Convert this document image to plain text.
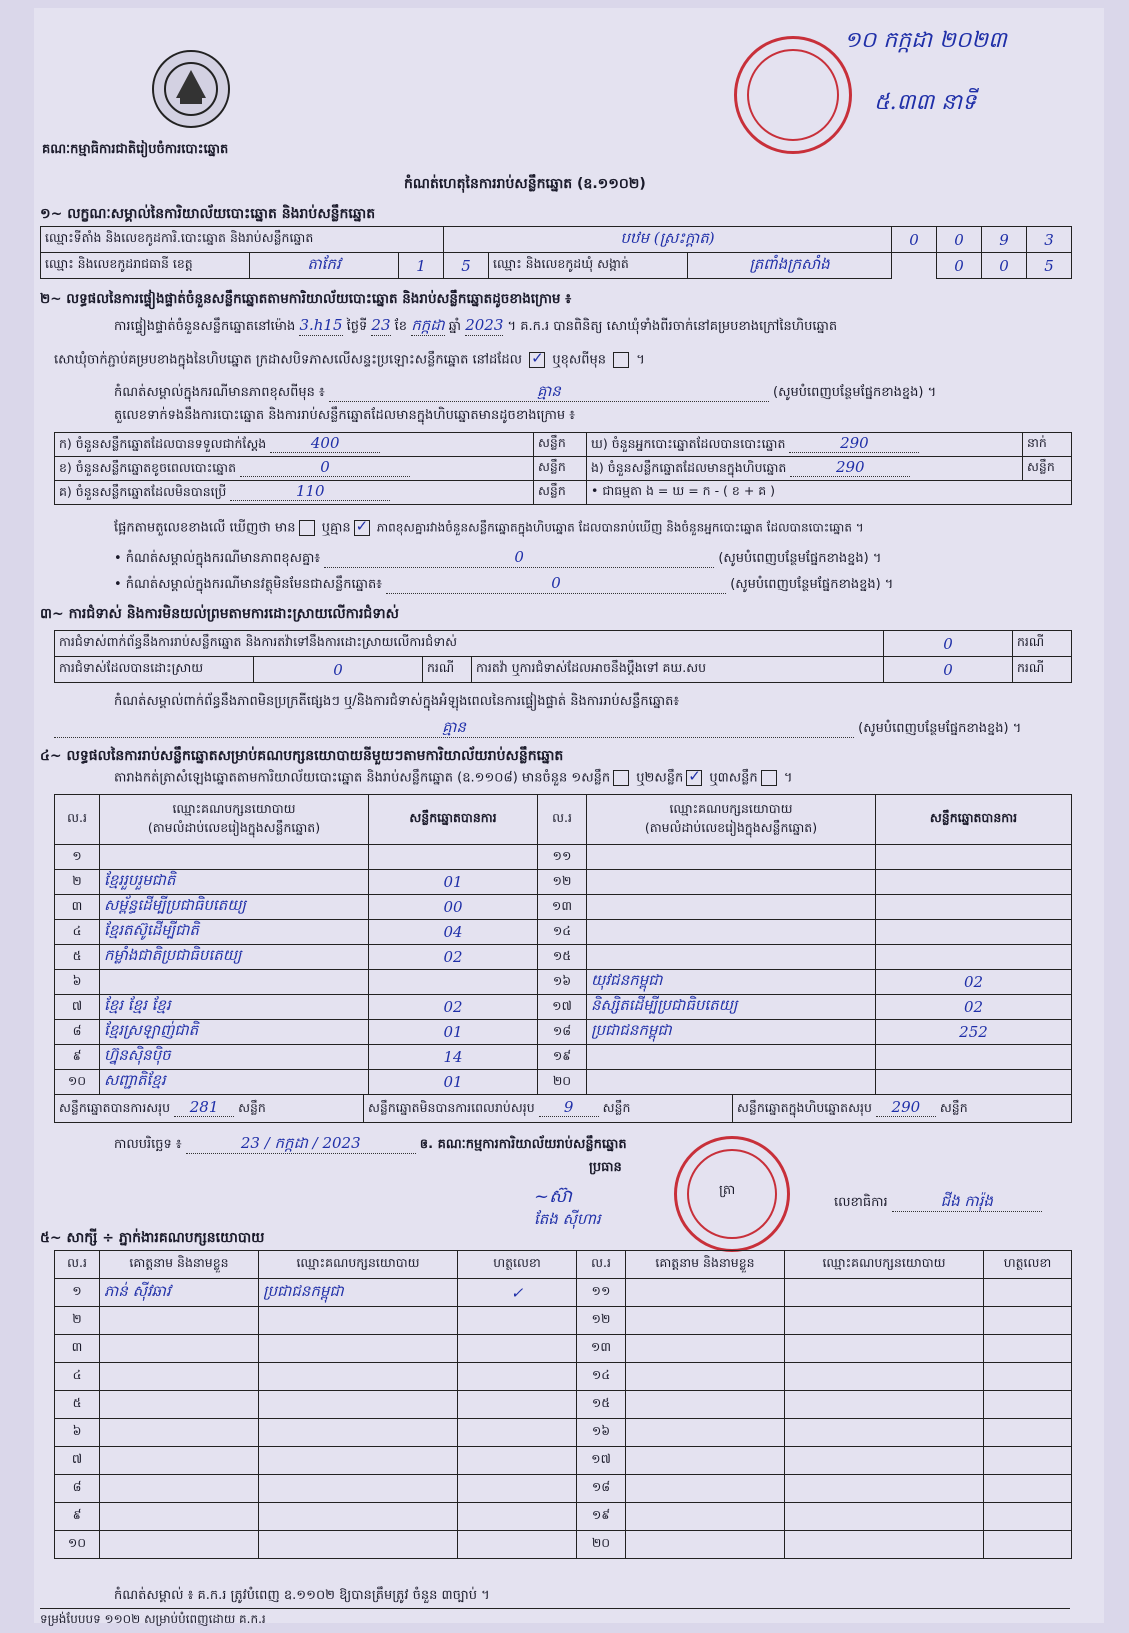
គណៈកម្មាធិការជាតិរៀបចំការបោះឆ្នោត
១០ កក្កដា ២០២៣
៥.៣៣ នាទី
កំណត់ហេតុនៃការរាប់សន្លឹកឆ្នោត (ឧ.១១០២)
១~ លក្ខណៈសម្គាល់នៃការិយាល័យបោះឆ្នោត និងរាប់សន្លឹកឆ្នោត
ឈ្មោះទីតាំង និងលេខកូដការិ.បោះឆ្នោត និងរាប់សន្លឹកឆ្នោត			បឋម (ស្រះក្តាត)			0	0	9	3
ឈ្មោះ និងលេខកូដរាជធានី ខេត្ត	តាកែវ	1	5	ឈ្មោះ និងលេខកូដឃុំ សង្កាត់	ត្រពាំងក្រសាំង		0	0	5
២~ លទ្ធផលនៃការផ្ទៀងផ្ទាត់ចំនួនសន្លឹកឆ្នោតតាមការិយាល័យបោះឆ្នោត និងរាប់សន្លឹកឆ្នោតដូចខាងក្រោម ៖
ការផ្ទៀងផ្ទាត់ចំនួនសន្លឹកឆ្នោតនៅម៉ោង 3.h15 ថ្ងៃទី 23 ខែ កក្កដា ឆ្នាំ 2023 ។ គ.ក.រ បានពិនិត្យ សោឃុំទាំងពីរចាក់នៅគម្របខាងក្រៅនៃហិបឆ្នោត
សោឃុំចាក់ភ្ជាប់គម្របខាងក្នុងនៃហិបឆ្នោត ក្រដាសបិទភាសលើសន្ទះប្រឡោះសន្លឹកឆ្នោត នៅដដែល ✓ ឬខុសពីមុន  ។
កំណត់សម្គាល់ក្នុងករណីមានភាពខុសពីមុន ៖	គ្មាន	(សូមបំពេញបន្ថែមផ្នែកខាងខ្នង) ។
តួលេខទាក់ទងនឹងការបោះឆ្នោត និងការរាប់សន្លឹកឆ្នោតដែលមានក្នុងហិបឆ្នោតមានដូចខាងក្រោម ៖
ក) ចំនួនសន្លឹកឆ្នោតដែលបានទទួលជាក់ស្តែង 400	សន្លឹក	ឃ) ចំនួនអ្នកបោះឆ្នោតដែលបានបោះឆ្នោត 290	នាក់
ខ) ចំនួនសន្លឹកឆ្នោតខូចពេលបោះឆ្នោត 0	សន្លឹក	ង) ចំនួនសន្លឹកឆ្នោតដែលមានក្នុងហិបឆ្នោត 290	សន្លឹក
គ) ចំនួនសន្លឹកឆ្នោតដែលមិនបានប្រើ 110	សន្លឹក	• ជាធម្មតា ង = ឃ = ក - ( ខ + គ )	
ផ្អែកតាមតួលេខខាងលើ ឃើញថា មាន ឬគ្មាន ✓ ភាពខុសគ្នារវាងចំនួនសន្លឹកឆ្នោតក្នុងហិបឆ្នោត ដែលបានរាប់ឃើញ និងចំនួនអ្នកបោះឆ្នោត ដែលបានបោះឆ្នោត ។
• កំណត់សម្គាល់ក្នុងករណីមានភាពខុសគ្នា៖	0	(សូមបំពេញបន្ថែមផ្នែកខាងខ្នង) ។
• កំណត់សម្គាល់ក្នុងករណីមានវត្ថុមិនមែនជាសន្លឹកឆ្នោត៖	0	(សូមបំពេញបន្ថែមផ្នែកខាងខ្នង) ។
៣~ ការជំទាស់ និងការមិនយល់ព្រមតាមការដោះស្រាយលើការជំទាស់
ការជំទាស់ពាក់ព័ន្ធនឹងការរាប់សន្លឹកឆ្នោត និងការតវ៉ាទៅនឹងការដោះស្រាយលើការជំទាស់				0	ករណី
ការជំទាស់ដែលបានដោះស្រាយ	0	ករណី	ការតវ៉ា ឬការជំទាស់ដែលអាចនឹងប្តឹងទៅ គឃ.សប	0	ករណី
កំណត់សម្គាល់ពាក់ព័ន្ធនឹងភាពមិនប្រក្រតីផ្សេងៗ ឬ/និងការជំទាស់ក្នុងអំឡុងពេលនៃការផ្ទៀងផ្ទាត់ និងការរាប់សន្លឹកឆ្នោត៖
គ្មាន	(សូមបំពេញបន្ថែមផ្នែកខាងខ្នង) ។
៤~ លទ្ធផលនៃការរាប់សន្លឹកឆ្នោតសម្រាប់គណបក្សនយោបាយនីមួយៗតាមការិយាល័យរាប់សន្លឹកឆ្នោត
តារាងកត់ត្រាសំឡេងឆ្នោតតាមការិយាល័យបោះឆ្នោត និងរាប់សន្លឹកឆ្នោត (ឧ.១១០៨) មានចំនួន ១សន្លឹក ឬ២សន្លឹក ✓ ឬ៣សន្លឹក ។
ល.រ	ឈ្មោះគណបក្សនយោបាយ
(តាមលំដាប់លេខរៀងក្នុងសន្លឹកឆ្នោត)	សន្លឹកឆ្នោតបានការ	ល.រ	ឈ្មោះគណបក្សនយោបាយ
(តាមលំដាប់លេខរៀងក្នុងសន្លឹកឆ្នោត)	សន្លឹកឆ្នោតបានការ
១			១១		
២	ខ្មែររួបរួមជាតិ	01	១២		
៣	សម្ព័ន្ធដើម្បីប្រជាធិបតេយ្យ	00	១៣		
៤	ខ្មែរតស៊ូដើម្បីជាតិ	04	១៤		
៥	កម្លាំងជាតិប្រជាធិបតេយ្យ	02	១៥		
៦			១៦	យុវជនកម្ពុជា	02
៧	ខ្មែរ ខ្មែរ ខ្មែរ	02	១៧	និស្សិតដើម្បីប្រជាធិបតេយ្យ	02
៨	ខ្មែរស្រឡាញ់ជាតិ	01	១៨	ប្រជាជនកម្ពុជា	252
៩	ហ្វ៊ុនស៊ិនប៉ិច	14	១៩		
១០	សញ្ជាតិខ្មែរ	01	២០		

សន្លឹកឆ្នោតបានការសរុប 281 សន្លឹក សន្លឹកឆ្នោតមិនបានការពេលរាប់សរុប 9 សន្លឹក សន្លឹកឆ្នោតក្នុងហិបឆ្នោតសរុប 290 សន្លឹក					
កាលបរិច្ឆេទ ៖	23 / កក្កដា / 2023	ឲ. គណៈកម្មការការិយាល័យរាប់សន្លឹកឆ្នោត
ប្រធាន
~ស៊ា
តែង ស៊ីហារ
ត្រា
លេខាធិការ	ជីង ការ៉ុង
៥~ សាក្សី ÷ ភ្នាក់ងារគណបក្សនយោបាយ
ល.រ	គោត្តនាម និងនាមខ្លួន	ឈ្មោះគណបក្សនយោបាយ	ហត្ថលេខា	ល.រ	គោត្តនាម និងនាមខ្លួន	ឈ្មោះគណបក្សនយោបាយ	ហត្ថលេខា
១	ភាន់ ស៊ីវឆាវ	ប្រជាជនកម្ពុជា	✓	១១			
២				១២			
៣				១៣			
៤				១៤			
៥				១៥			
៦				១៦			
៧				១៧			
៨				១៨			
៩				១៩			
១០				២០			
កំណត់សម្គាល់ ៖ គ.ក.រ ត្រូវបំពេញ ឧ.១១០២ ឱ្យបានត្រឹមត្រូវ ចំនួន ៣ច្បាប់ ។
ទម្រង់បែបបទ ១១០២ សម្រាប់បំពេញដោយ គ.ក.រ
